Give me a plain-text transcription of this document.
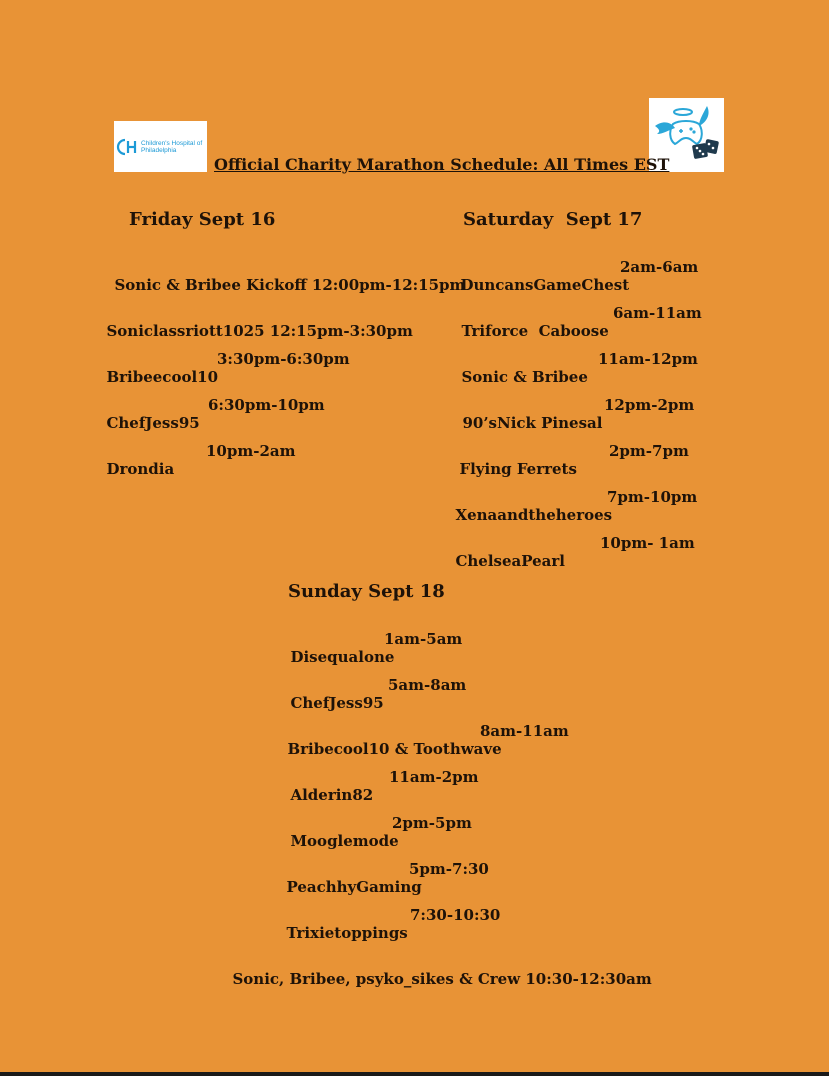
Children's Hospital of Philadelphia
Official Charity Marathon Schedule: All Times EST
Friday Sept 16

Sonic & Bribee Kickoff 12:00pm-12:15pm

Soniclassriott1025 12:15pm-3:30pm

Bribeecool10

3:30pm-6:30pm

ChefJess95

6:30pm-10pm

Drondia

10pm-2am

Saturday  Sept 17

DuncansGameChest

2am-6am

Triforce  Caboose

6am-11am

Sonic & Bribee

11am-12pm

90’sNick Pinesal

12pm-2pm

Flying Ferrets

2pm-7pm

Xenaandtheheroes

7pm-10pm

ChelseaPearl

10pm- 1am

Sunday Sept 18

Disequalone

1am-5am

ChefJess95

5am-8am

Bribecool10 & Toothwave

8am-11am

Alderin82

11am-2pm

Mooglemode

2pm-5pm

PeachhyGaming

5pm-7:30

Trixietoppings

7:30-10:30

Sonic, Bribee, psyko_sikes & Crew 10:30-12:30am
